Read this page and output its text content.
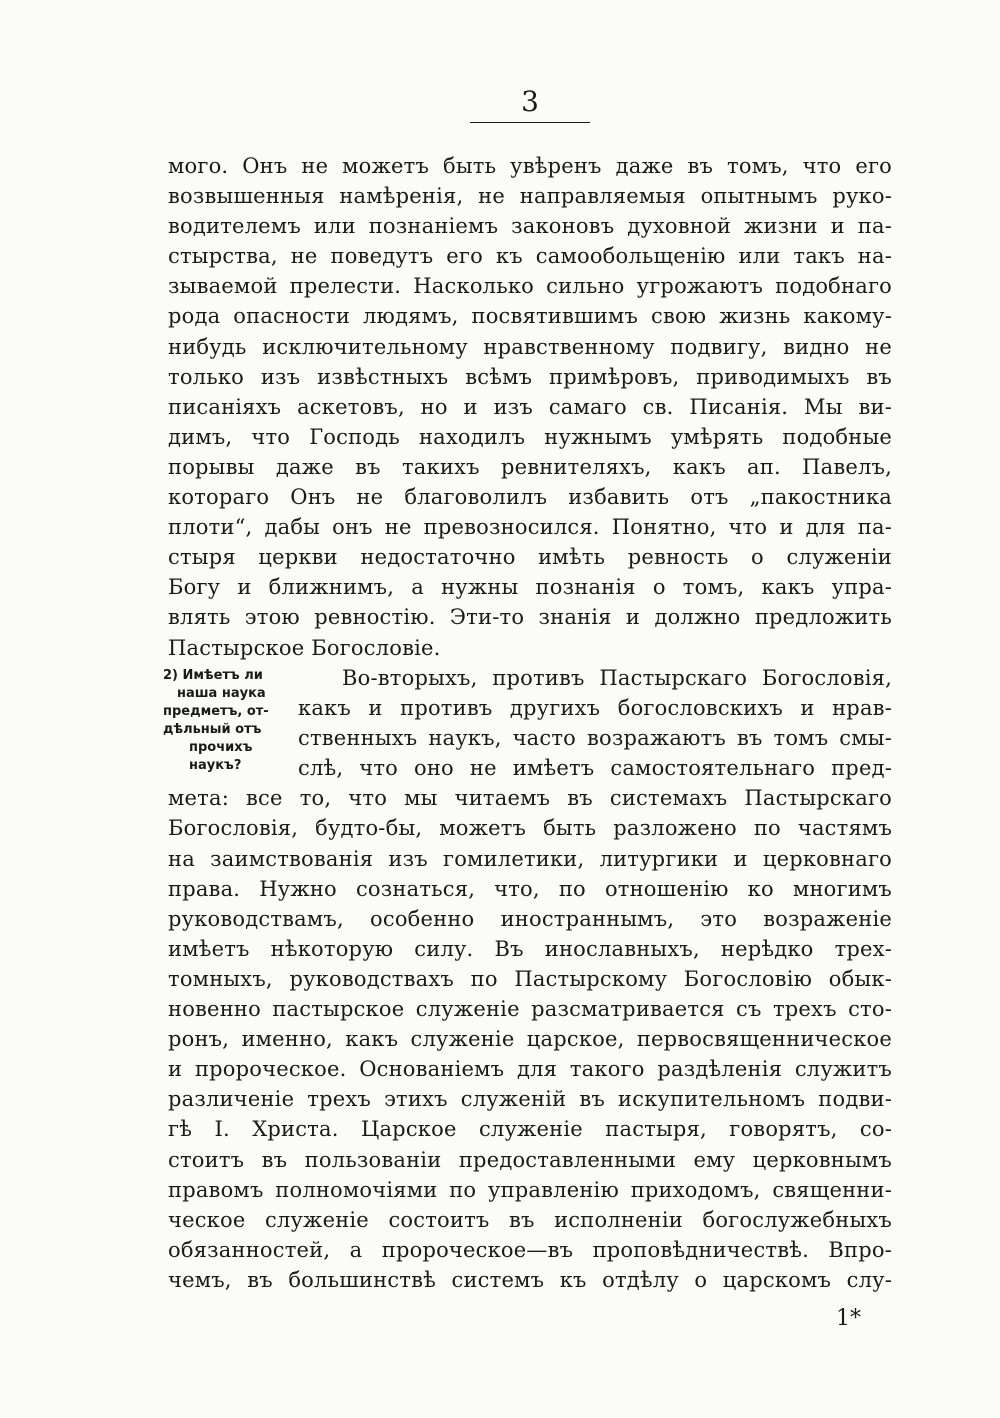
3
мого. Онъ не можетъ быть увѣренъ даже въ томъ, что его
возвышенныя намѣренія, не направляемыя опытнымъ руко-
водителемъ или познаніемъ законовъ духовной жизни и па-
стырства, не поведутъ его къ самообольщенію или такъ на-
зываемой прелести. Насколько сильно угрожаютъ подобнаго
рода опасности людямъ, посвятившимъ свою жизнь какому-
нибудь исключительному нравственному подвигу, видно не
только изъ извѣстныхъ всѣмъ примѣровъ, приводимыхъ въ
писаніяхъ аскетовъ, но и изъ самаго св. Писанія. Мы ви-
димъ, что Господь находилъ нужнымъ умѣрять подобные
порывы даже въ такихъ ревнителяхъ, какъ ап. Павелъ,
котораго Онъ не благоволилъ избавить отъ „пакостника
плоти“, дабы онъ не превозносился. Понятно, что и для па-
стыря церкви недостаточно имѣть ревность о служеніи
Богу и ближнимъ, а нужны познанія о томъ, какъ упра-
влять этою ревностію. Эти-то знанія и должно предложить
Пастырское Богословіе.
2) Имѣетъ ли
наша наука
предметъ, от-
дѣльный отъ
прочихъ
наукъ?
Во-вторыхъ, противъ Пастырскаго Богословія,
какъ и противъ другихъ богословскихъ и нрав-
ственныхъ наукъ, часто возражаютъ въ томъ смы-
слѣ, что оно не имѣетъ самостоятельнаго пред-
мета: все то, что мы читаемъ въ системахъ Пастырскаго
Богословія, будто-бы, можетъ быть разложено по частямъ
на заимствованія изъ гомилетики, литургики и церковнаго
права. Нужно сознаться, что, по отношенію ко многимъ
руководствамъ, особенно иностраннымъ, это возраженіе
имѣетъ нѣкоторую силу. Въ инославныхъ, нерѣдко трех-
томныхъ, руководствахъ по Пастырскому Богословію обык-
новенно пастырское служеніе разсматривается съ трехъ сто-
ронъ, именно, какъ служеніе царское, первосвященническое
и пророческое. Основаніемъ для такого раздѣленія служитъ
различеніе трехъ этихъ служеній въ искупительномъ подви-
гѣ І. Христа. Царское служеніе пастыря, говорятъ, со-
стоитъ въ пользованіи предоставленными ему церковнымъ
правомъ полномочіями по управленію приходомъ, священни-
ческое служеніе состоитъ въ исполненіи богослужебныхъ
обязанностей, а пророческое—въ проповѣдничествѣ. Впро-
чемъ, въ большинствѣ системъ къ отдѣлу о царскомъ слу-
1*
